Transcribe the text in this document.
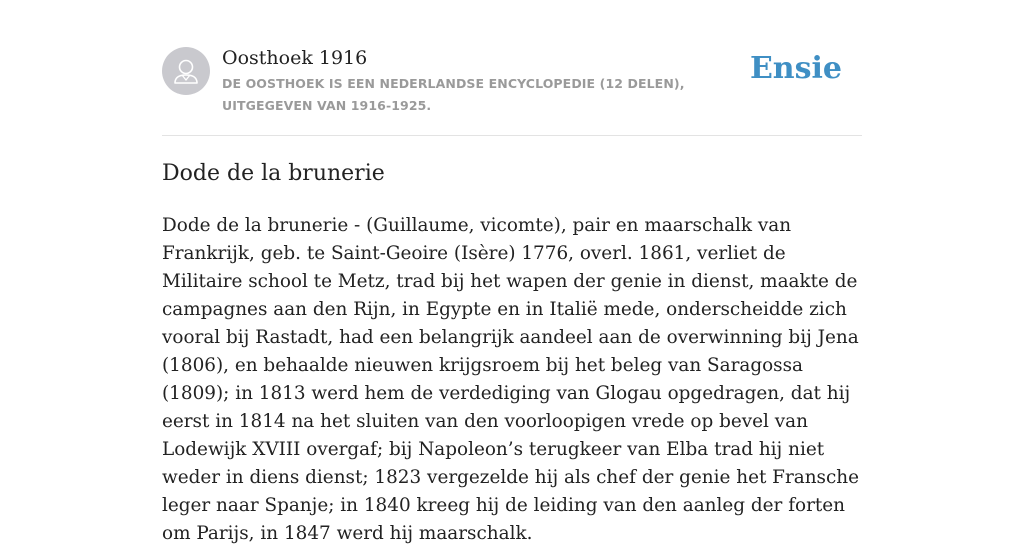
Oosthoek 1916
DE OOSTHOEK IS EEN NEDERLANDSE ENCYCLOPEDIE (12 DELEN), UITGEGEVEN VAN 1916-1925.
Ensie
Dode de la brunerie

Dode de la brunerie - (Guillaume, vicomte), pair en maarschalk van Frankrijk, geb. te Saint-Geoire (Isère) 1776, overl. 1861, verliet de Militaire school te Metz, trad bij het wapen der genie in dienst, maakte de campagnes aan den Rijn, in Egypte en in Italië mede, onderscheidde zich vooral bij Rastadt, had een belangrijk aandeel aan de overwinning bij Jena (1806), en behaalde nieuwen krijgsroem bij het beleg van Saragossa (1809); in 1813 werd hem de verdediging van Glogau opgedragen, dat hij eerst in 1814 na het sluiten van den voorloopigen vrede op bevel van Lodewijk XVIII overgaf; bij Napoleon’s terugkeer van Elba trad hij niet weder in diens dienst; 1823 vergezelde hij als chef der genie het Fransche leger naar Spanje; in 1840 kreeg hij de leiding van den aanleg der forten om Parijs, in 1847 werd hij maarschalk.
